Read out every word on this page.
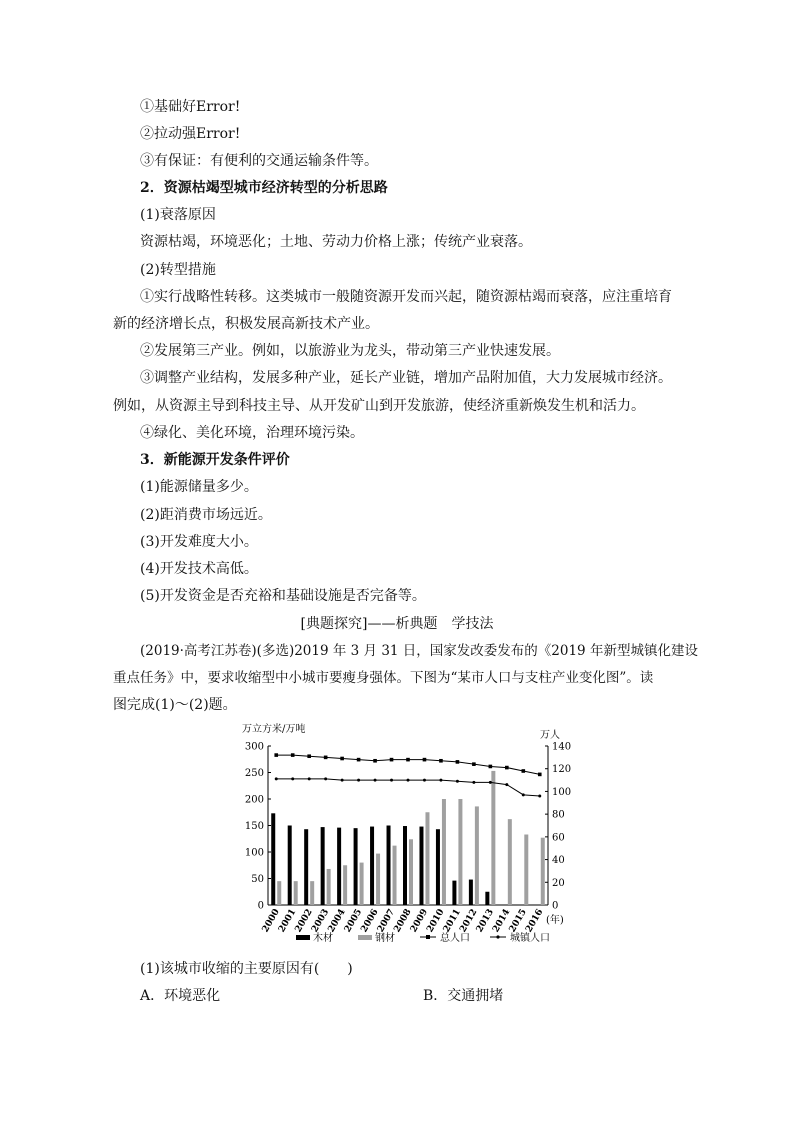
①基础好Error!
②拉动强Error!
③有保证：有便利的交通运输条件等。
2．资源枯竭型城市经济转型的分析思路
(1)衰落原因
资源枯竭，环境恶化；土地、劳动力价格上涨；传统产业衰落。
(2)转型措施
①实行战略性转移。这类城市一般随资源开发而兴起，随资源枯竭而衰落，应注重培育
新的经济增长点，积极发展高新技术产业。
②发展第三产业。例如，以旅游业为龙头，带动第三产业快速发展。
③调整产业结构，发展多种产业，延长产业链，增加产品附加值，大力发展城市经济。
例如，从资源主导到科技主导、从开发矿山到开发旅游，使经济重新焕发生机和活力。
④绿化、美化环境，治理环境污染。
3．新能源开发条件评价
(1)能源储量多少。
(2)距消费市场远近。
(3)开发难度大小。
(4)开发技术高低。
(5)开发资金是否充裕和基础设施是否完备等。
[典题探究]——析典题　学技法
(2019·高考江苏卷)(多选)2019 年 3 月 31 日，国家发改委发布的《2019 年新型城镇化建设
重点任务》中，要求收缩型中小城市要瘦身强体。下图为“某市人口与支柱产业变化图”。读
图完成(1)～(2)题。
万立方米/万吨
万人
0
50
100
150
200
250
300
0
20
40
60
80
100
120
140
2000
2001
2002
2003
2004
2005
2006
2007
2008
2009
2010
2011
2012
2013
2014
2015
2016 (年)
木材	钢材	总人口	城镇人口
(1)该城市收缩的主要原因有(　　)
A．环境恶化	B．交通拥堵
